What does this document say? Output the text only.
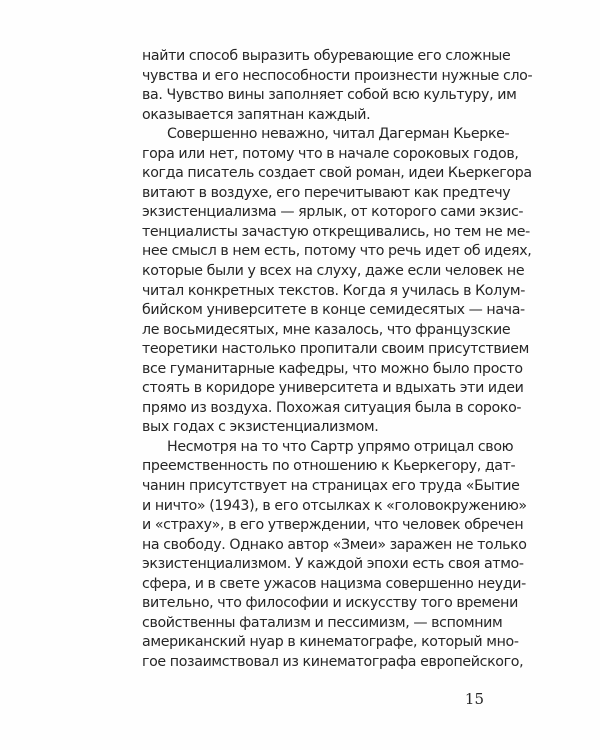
найти способ выразить обуревающие его сложные
чувства и его неспособности произнести нужные сло-
ва. Чувство вины заполняет собой всю культуру, им
оказывается запятнан каждый.

Совершенно неважно, читал Дагерман Кьерке-
гора или нет, потому что в начале сороковых годов,
когда писатель создает свой роман, идеи Кьеркегора
витают в воздухе, его перечитывают как предтечу
экзистенциализма — ярлык, от которого сами экзис-
тенциалисты зачастую открещивались, но тем не ме-
нее смысл в нем есть, потому что речь идет об идеях,
которые были у всех на слуху, даже если человек не
читал конкретных текстов. Когда я училась в Колум-
бийском университете в конце семидесятых — нача-
ле восьмидесятых, мне казалось, что французские
теоретики настолько пропитали своим присутствием
все гуманитарные кафедры, что можно было просто
стоять в коридоре университета и вдыхать эти идеи
прямо из воздуха. Похожая ситуация была в сороко-
вых годах с экзистенциализмом.

Несмотря на то что Сартр упрямо отрицал свою
преемственность по отношению к Кьеркегору, дат-
чанин присутствует на страницах его труда «Бытие
и ничто» (1943), в его отсылках к «головокружению»
и «страху», в его утверждении, что человек обречен
на свободу. Однако автор «Змеи» заражен не только
экзистенциализмом. У каждой эпохи есть своя атмо-
сфера, и в свете ужасов нацизма совершенно неуди-
вительно, что философии и искусству того времени
свойственны фатализм и пессимизм, — вспомним
американский нуар в кинематографе, который мно-
гое позаимствовал из кинематографа европейского,

15
